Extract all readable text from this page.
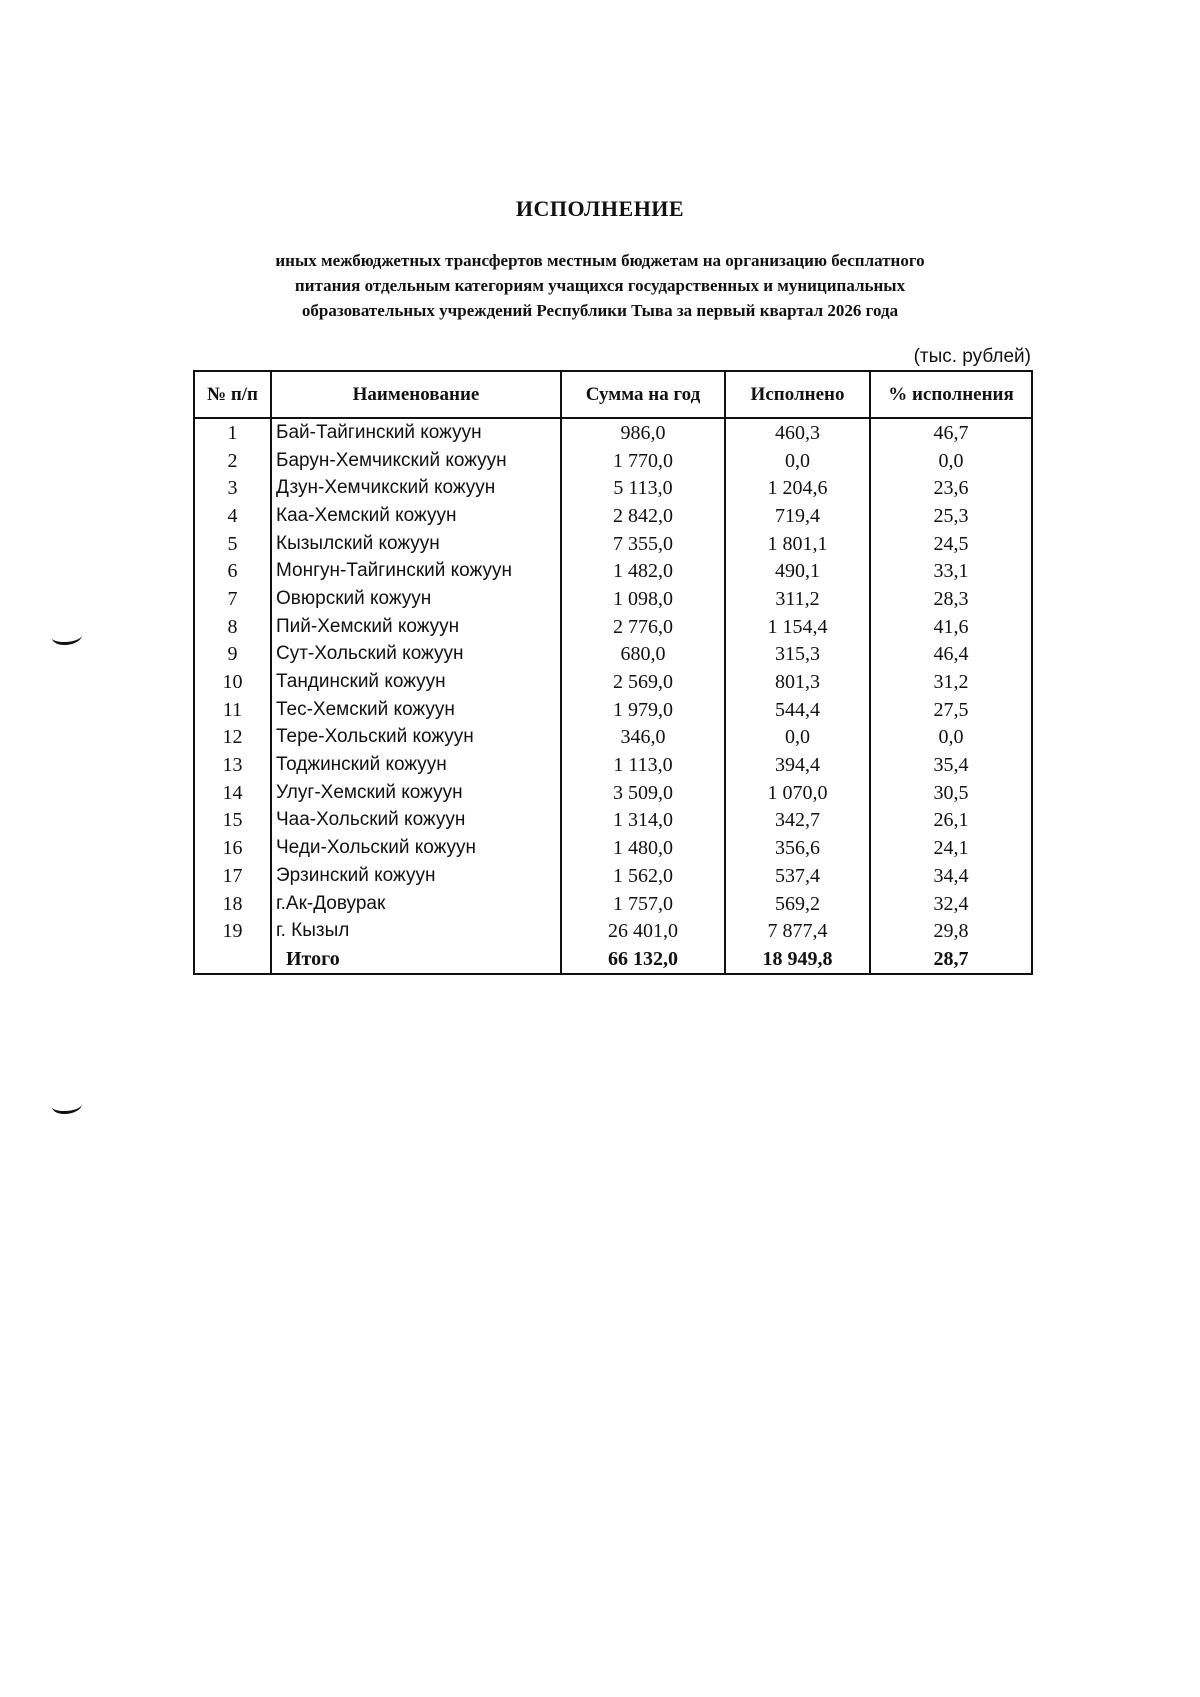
ИСПОЛНЕНИЕ
иных межбюджетных трансфертов местным бюджетам на организацию бесплатного
питания отдельным категориям учащихся государственных и муниципальных
образовательных учреждений Республики Тыва за первый квартал 2026 года
(тыс. рублей)
№ п/п	Наименование	Сумма на год	Исполнено	% исполнения
1	Бай-Тайгинский кожуун	986,0	460,3	46,7
2	Барун-Хемчикский кожуун	1 770,0	0,0	0,0
3	Дзун-Хемчикский кожуун	5 113,0	1 204,6	23,6
4	Каа-Хемский кожуун	2 842,0	719,4	25,3
5	Кызылский кожуун	7 355,0	1 801,1	24,5
6	Монгун-Тайгинский кожуун	1 482,0	490,1	33,1
7	Овюрский кожуун	1 098,0	311,2	28,3
8	Пий-Хемский кожуун	2 776,0	1 154,4	41,6
9	Сут-Хольский кожуун	680,0	315,3	46,4
10	Тандинский кожуун	2 569,0	801,3	31,2
11	Тес-Хемский кожуун	1 979,0	544,4	27,5
12	Тере-Хольский кожуун	346,0	0,0	0,0
13	Тоджинский кожуун	1 113,0	394,4	35,4
14	Улуг-Хемский кожуун	3 509,0	1 070,0	30,5
15	Чаа-Хольский кожуун	1 314,0	342,7	26,1
16	Чеди-Хольский кожуун	1 480,0	356,6	24,1
17	Эрзинский кожуун	1 562,0	537,4	34,4
18	г.Ак-Довурак	1 757,0	569,2	32,4
19	г. Кызыл	26 401,0	7 877,4	29,8
	Итого	66 132,0	18 949,8	28,7
